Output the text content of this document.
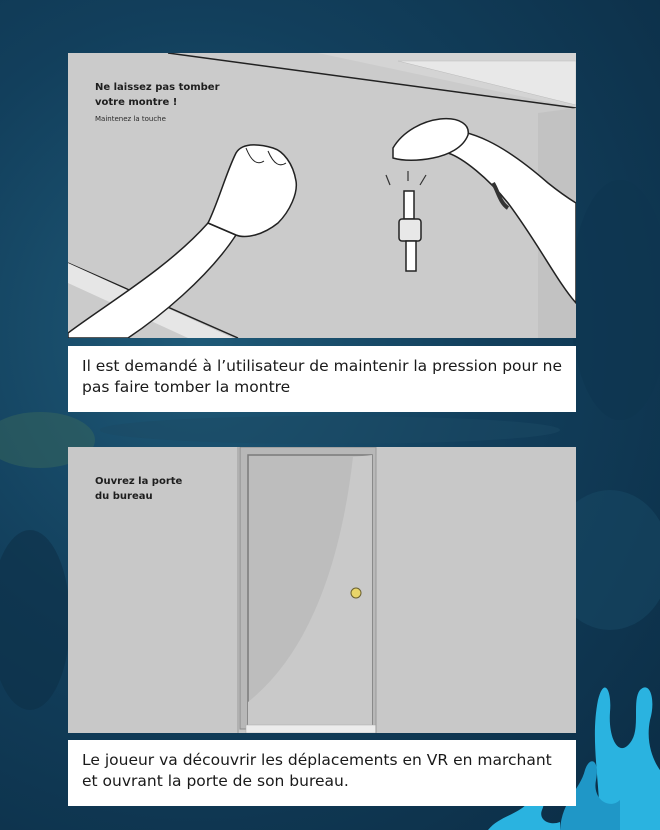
Ne laissez pas tomber
votre montre !
Maintenez la touche
Il est demandé à l’utilisateur de maintenir la pression pour ne pas faire tomber la montre
Ouvrez la porte
du bureau
Le joueur va découvrir les déplacements en VR en marchant et ouvrant la porte de son bureau.
